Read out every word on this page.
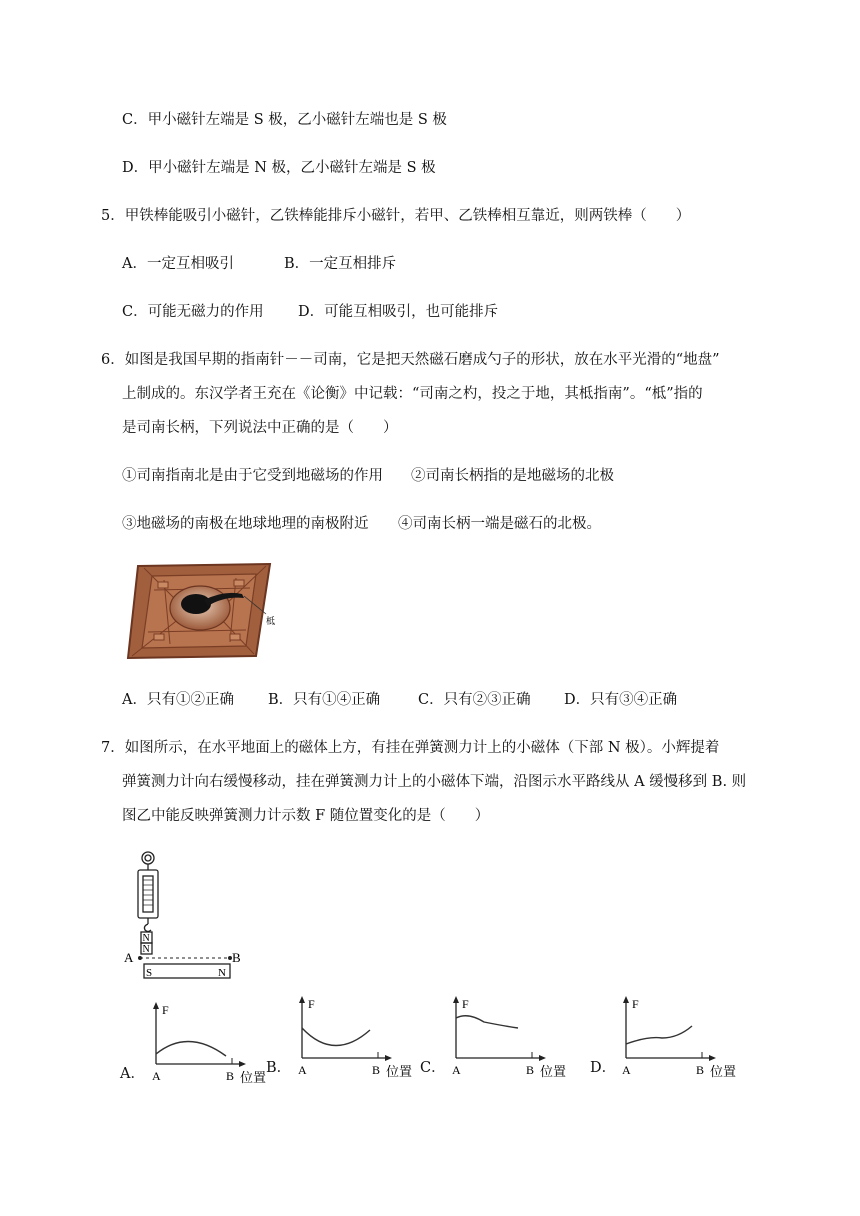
C．甲小磁针左端是 S 极，乙小磁针左端也是 S 极
D．甲小磁针左端是 N 极，乙小磁针左端是 S 极
5．甲铁棒能吸引小磁针，乙铁棒能排斥小磁针，若甲、乙铁棒相互靠近，则两铁棒（　　）
A．一定互相吸引	B．一定互相排斥
C．可能无磁力的作用 D．可能互相吸引，也可能排斥
6．如图是我国早期的指南针－－司南，它是把天然磁石磨成勺子的形状，放在水平光滑的“地盘”
上制成的。东汉学者王充在《论衡》中记载：“司南之杓，投之于地，其柢指南”。“柢”指的
是司南长柄，下列说法中正确的是（　　）
①司南指南北是由于它受到地磁场的作用 ②司南长柄指的是地磁场的北极
③地磁场的南极在地球地理的南极附近 ④司南长柄一端是磁石的北极。
柢
A．只有①②正确 B．只有①④正确	C．只有②③正确 D．只有③④正确
7．如图所示，在水平地面上的磁体上方，有挂在弹簧测力计上的小磁体（下部 N 极）。小辉提着
弹簧测力计向右缓慢移动，挂在弹簧测力计上的小磁体下端，沿图示水平路线从 A 缓慢移到 B. 则
图乙中能反映弹簧测力计示数 F 随位置变化的是（　　）
N
N
A	B
S	N
A．
F
A	B 位置
B．
F
A	B 位置 C．
F
A	B 位置 D．
F
A	B 位置
